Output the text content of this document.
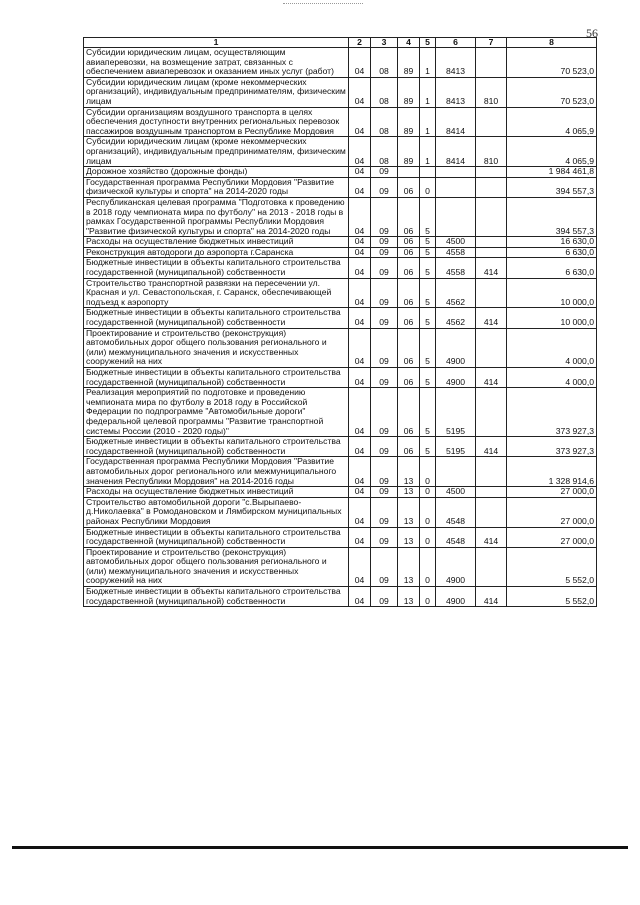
56
1	2	3	4	5	6	7	8
Субсидии юридическим лицам, осуществляющим авиаперевозки, на возмещение затрат, связанных с обеспечением авиаперевозок и оказанием иных услуг (работ)	04	08	89	1	8413		70 523,0
Субсидии юридическим лицам (кроме некоммерческих организаций), индивидуальным предпринимателям, физическим лицам	04	08	89	1	8413	810	70 523,0
Субсидии организациям воздушного транспорта в целях обеспечения доступности внутренних региональных перевозок пассажиров воздушным транспортом в Республике Мордовия	04	08	89	1	8414		4 065,9
Субсидии юридическим лицам (кроме некоммерческих организаций), индивидуальным предпринимателям, физическим лицам	04	08	89	1	8414	810	4 065,9
Дорожное хозяйство (дорожные фонды)	04	09					1 984 461,8
Государственная программа Республики Мордовия "Развитие физической культуры и спорта" на 2014-2020 годы	04	09	06	0			394 557,3
Республиканская целевая программа "Подготовка к проведению в 2018 году чемпионата мира по футболу" на 2013 - 2018 годы в рамках Государственной программы Республики Мордовия "Развитие физической культуры и спорта" на 2014-2020 годы	04	09	06	5			394 557,3
Расходы на осуществление бюджетных инвестиций	04	09	06	5	4500		16 630,0
Реконструкция автодороги до аэропорта г.Саранска	04	09	06	5	4558		6 630,0
Бюджетные инвестиции в объекты капитального строительства государственной (муниципальной) собственности	04	09	06	5	4558	414	6 630,0
Строительство транспортной развязки на пересечении ул. Красная и ул. Севастопольская, г. Саранск, обеспечивающей подъезд к аэропорту	04	09	06	5	4562		10 000,0
Бюджетные инвестиции в объекты капитального строительства государственной (муниципальной) собственности	04	09	06	5	4562	414	10 000,0
Проектирование и строительство (реконструкция) автомобильных дорог общего пользования регионального и (или) межмуниципального значения и искусственных сооружений на них	04	09	06	5	4900		4 000,0
Бюджетные инвестиции в объекты капитального строительства государственной (муниципальной) собственности	04	09	06	5	4900	414	4 000,0
Реализация мероприятий по подготовке и проведению чемпионата мира по футболу в 2018 году в Российской Федерации по подпрограмме "Автомобильные дороги" федеральной целевой программы "Развитие транспортной системы России (2010 - 2020 годы)"	04	09	06	5	5195		373 927,3
Бюджетные инвестиции в объекты капитального строительства государственной (муниципальной) собственности	04	09	06	5	5195	414	373 927,3
Государственная программа Республики Мордовия "Развитие автомобильных дорог регионального или межмуниципального значения Республики Мордовия" на 2014-2016 годы	04	09	13	0			1 328 914,6
Расходы на осуществление бюджетных инвестиций	04	09	13	0	4500		27 000,0
Строительство автомобильной дороги "с.Вырыпаево-д.Николаевка" в Ромодановском и Лямбирском муниципальных районах Республики Мордовия	04	09	13	0	4548		27 000,0
Бюджетные инвестиции в объекты капитального строительства государственной (муниципальной) собственности	04	09	13	0	4548	414	27 000,0
Проектирование и строительство (реконструкция) автомобильных дорог общего пользования регионального и (или) межмуниципального значения и искусственных сооружений на них	04	09	13	0	4900		5 552,0
Бюджетные инвестиции в объекты капитального строительства государственной (муниципальной) собственности	04	09	13	0	4900	414	5 552,0
